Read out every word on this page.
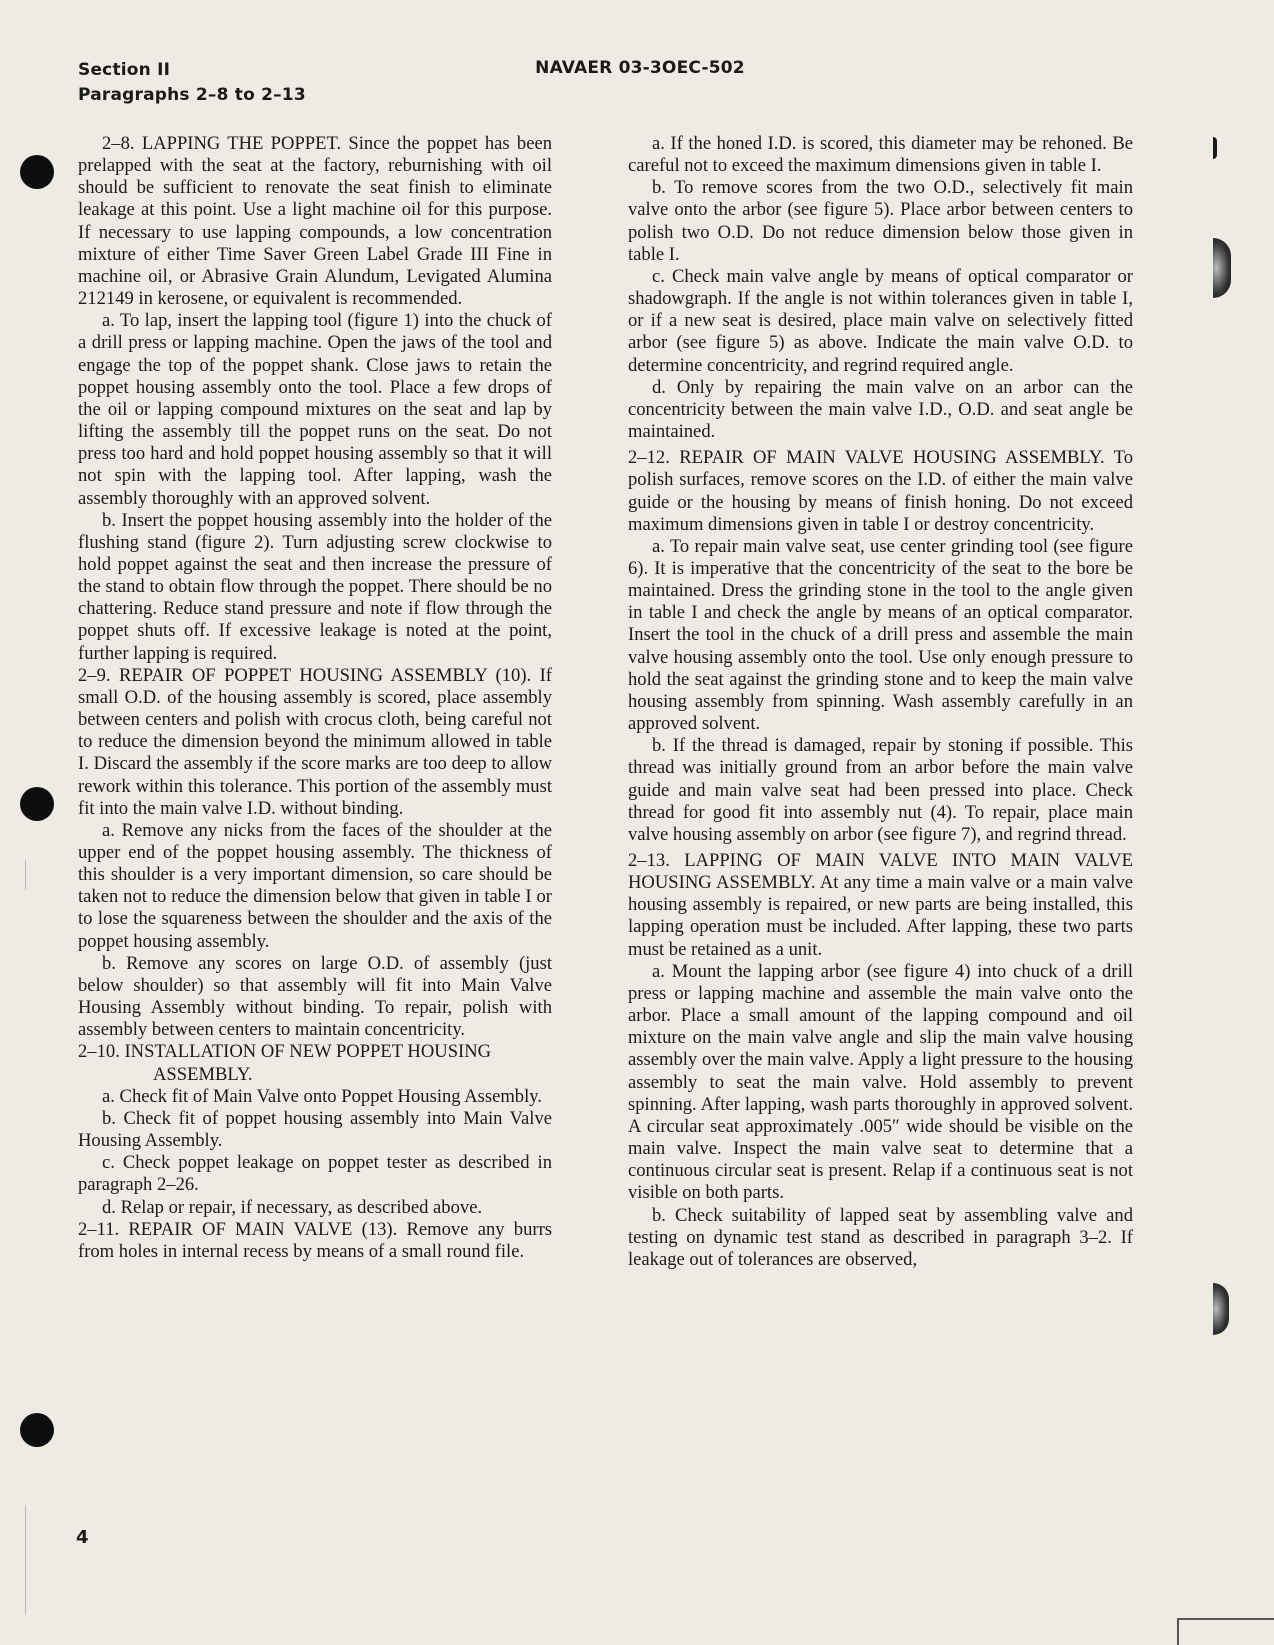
Section II
Paragraphs 2–8 to 2–13
NAVAER 03-3OEC-502

2–8. LAPPING THE POPPET. Since the poppet has been prelapped with the seat at the factory, reburnishing with oil should be sufficient to renovate the seat finish to eliminate leakage at this point. Use a light machine oil for this purpose. If necessary to use lapping compounds, a low concentration mixture of either Time Saver Green Label Grade III Fine in machine oil, or Abrasive Grain Alundum, Levigated Alumina 212149 in kerosene, or equivalent is recommended.

a. To lap, insert the lapping tool (figure 1) into the chuck of a drill press or lapping machine. Open the jaws of the tool and engage the top of the poppet shank. Close jaws to retain the poppet housing assembly onto the tool. Place a few drops of the oil or lapping compound mixtures on the seat and lap by lifting the assembly till the poppet runs on the seat. Do not press too hard and hold poppet housing assembly so that it will not spin with the lapping tool. After lapping, wash the assembly thoroughly with an approved solvent.

b. Insert the poppet housing assembly into the holder of the flushing stand (figure 2). Turn adjusting screw clockwise to hold poppet against the seat and then increase the pressure of the stand to obtain flow through the poppet. There should be no chattering. Reduce stand pressure and note if flow through the poppet shuts off. If excessive leakage is noted at the point, further lapping is required.

2–9. REPAIR OF POPPET HOUSING ASSEMBLY (10). If small O.D. of the housing assembly is scored, place assembly between centers and polish with crocus cloth, being careful not to reduce the dimension beyond the minimum allowed in table I. Discard the assembly if the score marks are too deep to allow rework within this tolerance. This portion of the assembly must fit into the main valve I.D. without binding.

a. Remove any nicks from the faces of the shoulder at the upper end of the poppet housing assembly. The thickness of this shoulder is a very important dimension, so care should be taken not to reduce the dimension below that given in table I or to lose the squareness between the shoulder and the axis of the poppet housing assembly.

b. Remove any scores on large O.D. of assembly (just below shoulder) so that assembly will fit into Main Valve Housing Assembly without binding. To repair, polish with assembly between centers to maintain concentricity.

2–10. INSTALLATION OF NEW POPPET HOUSING ASSEMBLY.

a. Check fit of Main Valve onto Poppet Housing Assembly.

b. Check fit of poppet housing assembly into Main Valve Housing Assembly.

c. Check poppet leakage on poppet tester as described in paragraph 2–26.

d. Relap or repair, if necessary, as described above.

2–11. REPAIR OF MAIN VALVE (13). Remove any burrs from holes in internal recess by means of a small round file.

a. If the honed I.D. is scored, this diameter may be rehoned. Be careful not to exceed the maximum dimensions given in table I.

b. To remove scores from the two O.D., selectively fit main valve onto the arbor (see figure 5). Place arbor between centers to polish two O.D. Do not reduce dimension below those given in table I.

c. Check main valve angle by means of optical comparator or shadowgraph. If the angle is not within tolerances given in table I, or if a new seat is desired, place main valve on selectively fitted arbor (see figure 5) as above. Indicate the main valve O.D. to determine concentricity, and regrind required angle.

d. Only by repairing the main valve on an arbor can the concentricity between the main valve I.D., O.D. and seat angle be maintained.

2–12. REPAIR OF MAIN VALVE HOUSING ASSEMBLY. To polish surfaces, remove scores on the I.D. of either the main valve guide or the housing by means of finish honing. Do not exceed maximum dimensions given in table I or destroy concentricity.

a. To repair main valve seat, use center grinding tool (see figure 6). It is imperative that the concentricity of the seat to the bore be maintained. Dress the grinding stone in the tool to the angle given in table I and check the angle by means of an optical comparator. Insert the tool in the chuck of a drill press and assemble the main valve housing assembly onto the tool. Use only enough pressure to hold the seat against the grinding stone and to keep the main valve housing assembly from spinning. Wash assembly carefully in an approved solvent.

b. If the thread is damaged, repair by stoning if possible. This thread was initially ground from an arbor before the main valve guide and main valve seat had been pressed into place. Check thread for good fit into assembly nut (4). To repair, place main valve housing assembly on arbor (see figure 7), and regrind thread.

2–13. LAPPING OF MAIN VALVE INTO MAIN VALVE HOUSING ASSEMBLY. At any time a main valve or a main valve housing assembly is repaired, or new parts are being installed, this lapping operation must be included. After lapping, these two parts must be retained as a unit.

a. Mount the lapping arbor (see figure 4) into chuck of a drill press or lapping machine and assemble the main valve onto the arbor. Place a small amount of the lapping compound and oil mixture on the main valve angle and slip the main valve housing assembly over the main valve. Apply a light pressure to the housing assembly to seat the main valve. Hold assembly to prevent spinning. After lapping, wash parts thoroughly in approved solvent. A circular seat approximately .005″ wide should be visible on the main valve. Inspect the main valve seat to determine that a continuous circular seat is present. Relap if a continuous seat is not visible on both parts.

b. Check suitability of lapped seat by assembling valve and testing on dynamic test stand as described in paragraph 3–2. If leakage out of tolerances are observed,

4
